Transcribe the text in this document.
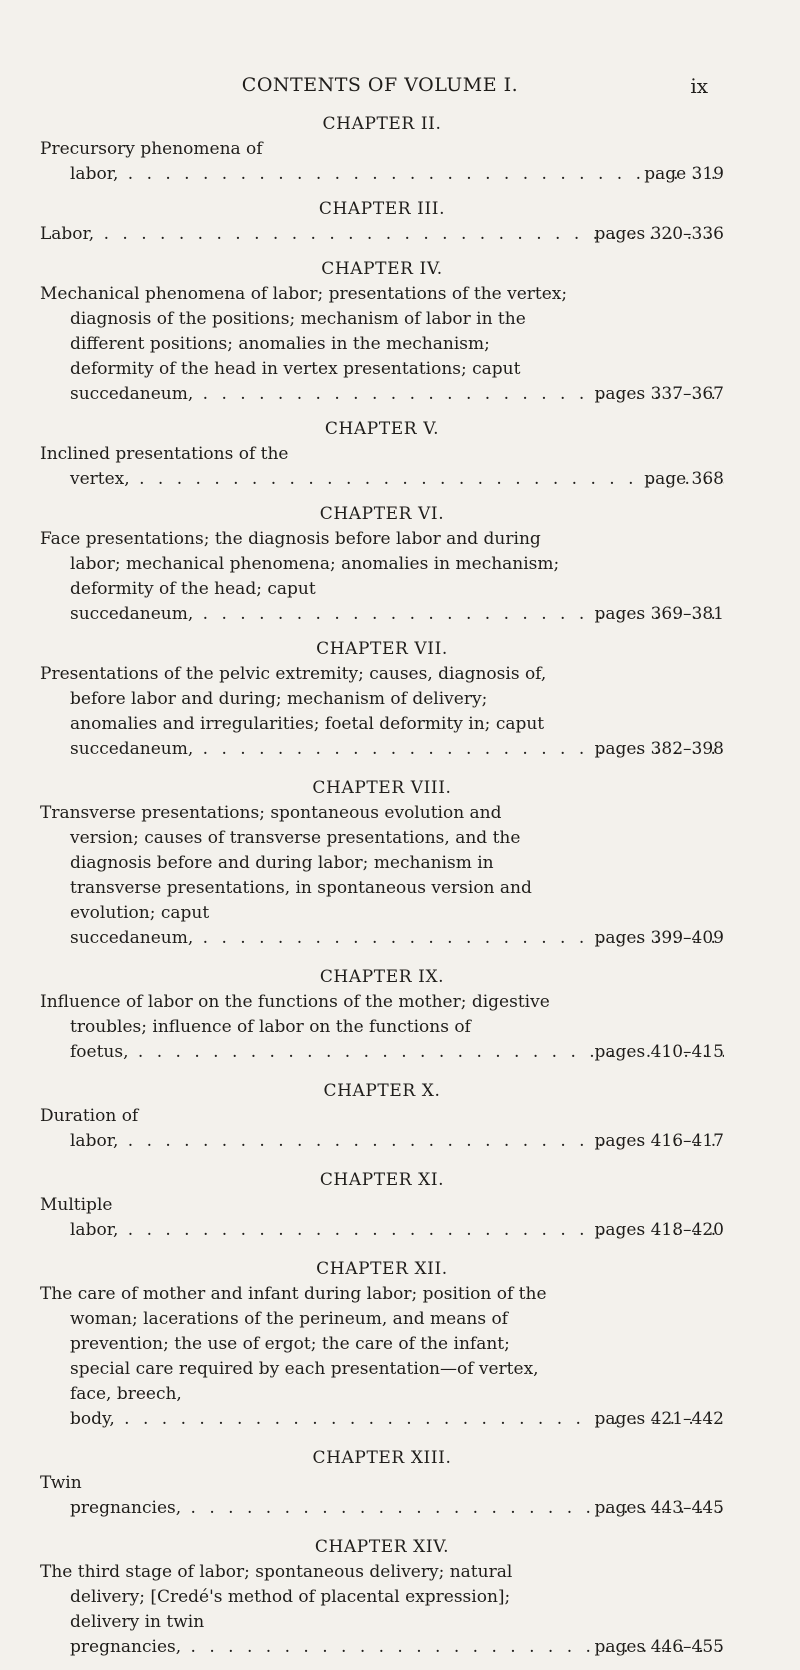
CONTENTS OF VOLUME I.	ix

CHAPTER II.

Precursory phenomena of labor, . . .	page 319

CHAPTER III.

Labor, . . .	pages 320–336

CHAPTER IV.

Mechanical phenomena of labor; presentations of the vertex; diagnosis of the positions; mechanism of labor in the different positions; anomalies in the mechanism; deformity of the head in vertex presentations; caput succedaneum, . . .	pages 337–367

CHAPTER V.

Inclined presentations of the vertex, . . .	page 368

CHAPTER VI.

Face presentations; the diagnosis before labor and during labor; mechanical phenomena; anomalies in mechanism; deformity of the head; caput succedaneum, . . .	pages 369–381

CHAPTER VII.

Presentations of the pelvic extremity; causes, diagnosis of, before labor and during; mechanism of delivery; anomalies and irregularities; foetal deformity in; caput succedaneum, . . .	pages 382–398

CHAPTER VIII.

Transverse presentations; spontaneous evolution and version; causes of transverse presentations, and the diagnosis before and during labor; mechanism in transverse presentations, in spontaneous version and evolution; caput succedaneum, . . .	pages 399–409

CHAPTER IX.

Influence of labor on the functions of the mother; digestive troubles; influence of labor on the functions of foetus, . . .	pages 410–415

CHAPTER X.

Duration of labor, . . .	pages 416–417

CHAPTER XI.

Multiple labor, . . .	pages 418–420

CHAPTER XII.

The care of mother and infant during labor; position of the woman; lacerations of the perineum, and means of prevention; the use of ergot; the care of the infant; special care required by each presentation—of vertex, face, breech, body, . . .	pages 421–442

CHAPTER XIII.

Twin pregnancies, . . .	pages 443–445

CHAPTER XIV.

The third stage of labor; spontaneous delivery; natural delivery; [Credé's method of placental expression]; delivery in twin pregnancies, . . .	pages 446–455
